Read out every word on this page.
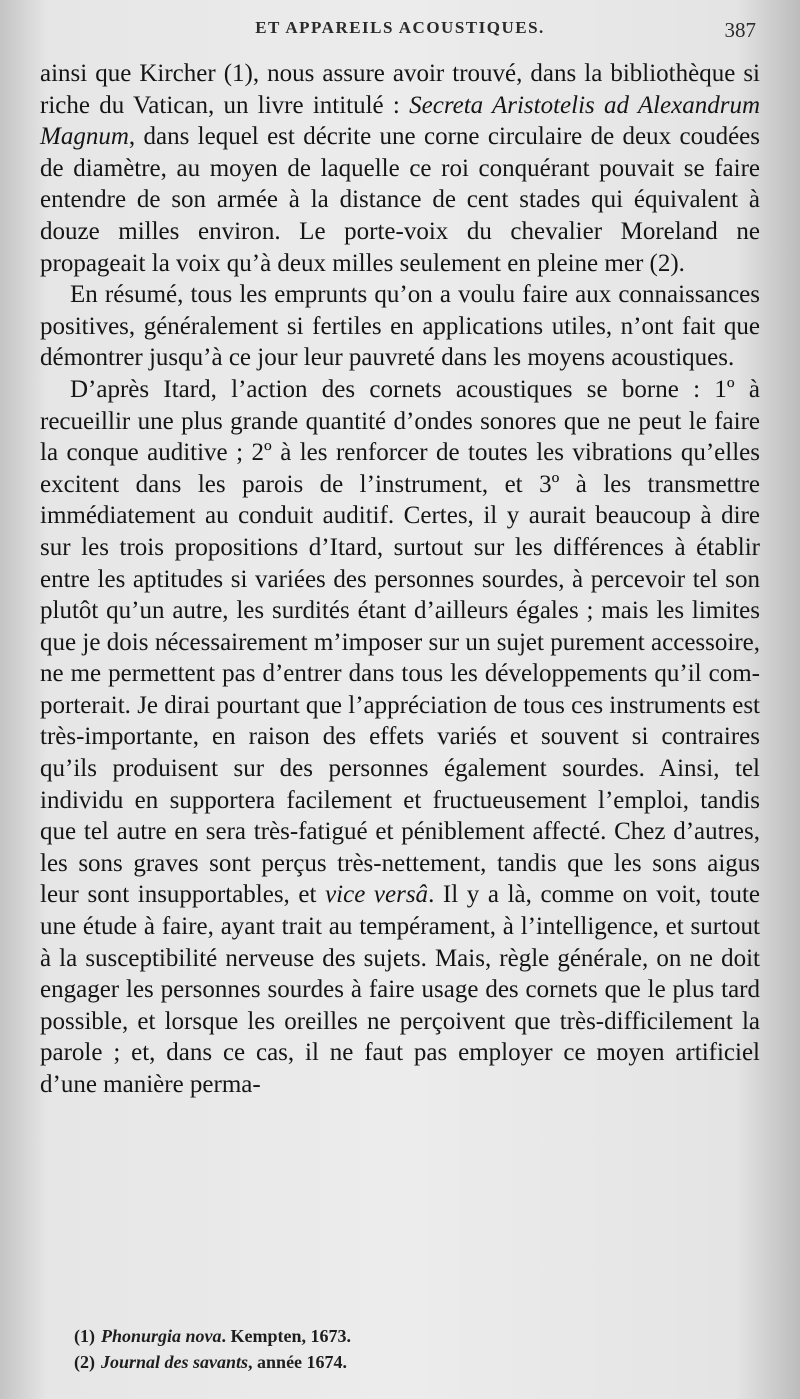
ET APPAREILS ACOUSTIQUES.	387

ainsi que Kircher (1), nous assure avoir trouvé, dans la bibliothèque si riche du Vatican, un livre intitulé : Secreta Aristotelis ad Alexandrum Magnum, dans lequel est décrite une corne circulaire de deux coudées de diamètre, au moyen de laquelle ce roi conquérant pouvait se faire entendre de son armée à la distance de cent stades qui équivalent à douze milles environ. Le porte-voix du chevalier Moreland ne propageait la voix qu’à deux milles seulement en pleine mer (2).

En résumé, tous les emprunts qu’on a voulu faire aux connaissances positives, généralement si fertiles en applications utiles, n’ont fait que démontrer jusqu’à ce jour leur pauvreté dans les moyens acoustiques.

D’après Itard, l’action des cornets acoustiques se borne : 1º à recueillir une plus grande quantité d’ondes sonores que ne peut le faire la conque auditive ; 2º à les renforcer de toutes les vibrations qu’elles excitent dans les parois de l’instrument, et 3º à les transmettre immédiatement au conduit auditif. Certes, il y aurait beaucoup à dire sur les trois propositions d’Itard, surtout sur les différences à établir entre les aptitudes si variées des personnes sourdes, à percevoir tel son plutôt qu’un autre, les surdités étant d’ailleurs égales ; mais les limites que je dois nécessairement m’imposer sur un sujet purement accessoire, ne me permettent pas d’entrer dans tous les développements qu’il comporterait. Je dirai pourtant que l’appréciation de tous ces instruments est très-importante, en raison des effets variés et souvent si contraires qu’ils produisent sur des personnes également sourdes. Ainsi, tel individu en supportera facilement et fructueusement l’emploi, tandis que tel autre en sera très-fatigué et péniblement affecté. Chez d’autres, les sons graves sont perçus très-nettement, tandis que les sons aigus leur sont insupportables, et vice versâ. Il y a là, comme on voit, toute une étude à faire, ayant trait au tempérament, à l’intelligence, et surtout à la susceptibilité nerveuse des sujets. Mais, règle générale, on ne doit engager les personnes sourdes à faire usage des cornets que le plus tard possible, et lorsque les oreilles ne perçoivent que très-difficilement la parole ; et, dans ce cas, il ne faut pas employer ce moyen artificiel d’une manière perma-

(1) Phonurgia nova. Kempten, 1673.

(2) Journal des savants, année 1674.
